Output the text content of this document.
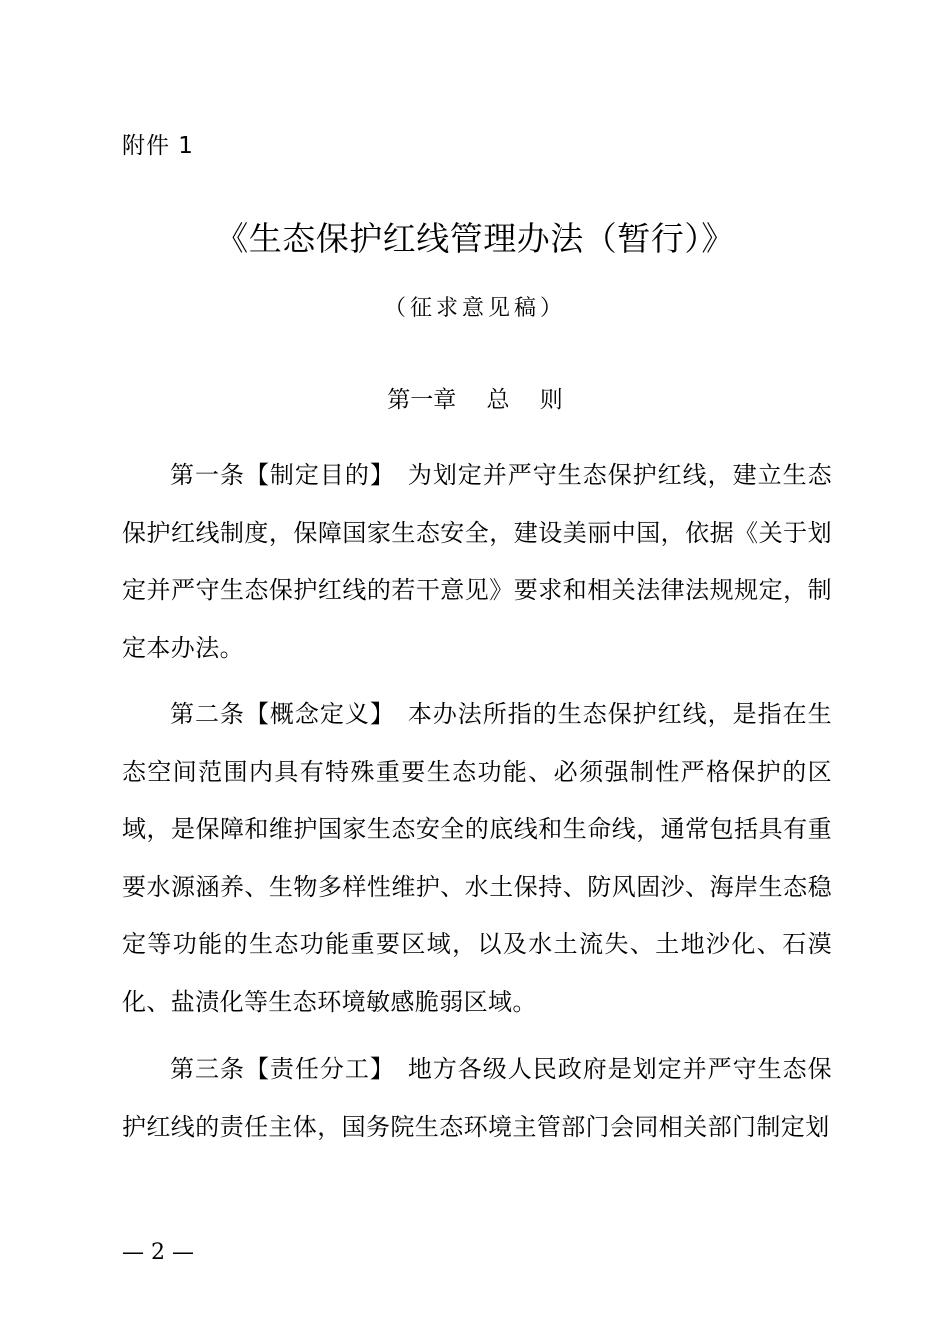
附件 1
《生态保护红线管理办法（暂行）》
（征求意见稿）
第一章　 总　 则

第一条【制定目的】　为划定并严守生态保护红线，建立生态保护红线制度，保障国家生态安全，建设美丽中国，依据《关于划定并严守生态保护红线的若干意见》要求和相关法律法规规定，制定本办法。

第二条【概念定义】　本办法所指的生态保护红线，是指在生态空间范围内具有特殊重要生态功能、必须强制性严格保护的区域，是保障和维护国家生态安全的底线和生命线，通常包括具有重要水源涵养、生物多样性维护、水土保持、防风固沙、海岸生态稳定等功能的生态功能重要区域，以及水土流失、土地沙化、石漠化、盐渍化等生态环境敏感脆弱区域。

第三条【责任分工】　地方各级人民政府是划定并严守生态保护红线的责任主体，国务院生态环境主管部门会同相关部门制定划

— 2 —
